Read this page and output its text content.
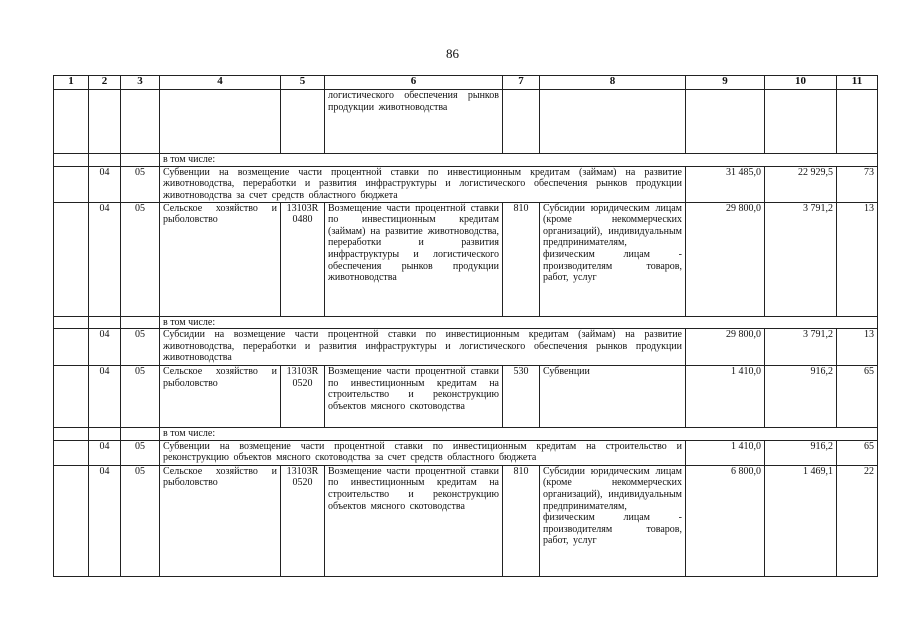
86
1	2	3	4	5	6	7	8	9	10	11
					логистического обеспечения рынков продукции животноводства					
			в том числе:							
	04	05	Субвенции на возмещение части процентной ставки по инвестиционным кредитам (займам) на развитие животноводства, переработки и развития инфраструктуры и логистического обеспечения рынков продукции животноводства за счет средств областного бюджета					31 485,0	22 929,5	73
	04	05	Сельское хозяйство и рыболовство	13103R 0480	Возмещение части процентной ставки по инвестиционным кредитам (займам) на развитие животноводства, переработки и развития инфраструктуры и логистического обеспечения рынков продукции животноводства	810	Субсидии юридическим лицам (кроме некоммерческих организаций), индивидуальным предпринимателям, физическим лицам - производителям товаров, работ, услуг	29 800,0	3 791,2	13
			в том числе:							
	04	05	Субсидии на возмещение части процентной ставки по инвестиционным кредитам (займам) на развитие животноводства, переработки и развития инфраструктуры и логистического обеспечения рынков продукции животноводства					29 800,0	3 791,2	13
	04	05	Сельское хозяйство и рыболовство	13103R 0520	Возмещение части процентной ставки по инвестиционным кредитам на строительство и реконструкцию объектов мясного скотоводства	530	Субвенции	1 410,0	916,2	65
			в том числе:							
	04	05	Субвенции на возмещение части процентной ставки по инвестиционным кредитам на строительство и реконструкцию объектов мясного скотоводства за счет средств областного бюджета					1 410,0	916,2	65
	04	05	Сельское хозяйство и рыболовство	13103R 0520	Возмещение части процентной ставки по инвестиционным кредитам на строительство и реконструкцию объектов мясного скотоводства	810	Субсидии юридическим лицам (кроме некоммерческих организаций), индивидуальным предпринимателям, физическим лицам - производителям товаров, работ, услуг	6 800,0	1 469,1	22
